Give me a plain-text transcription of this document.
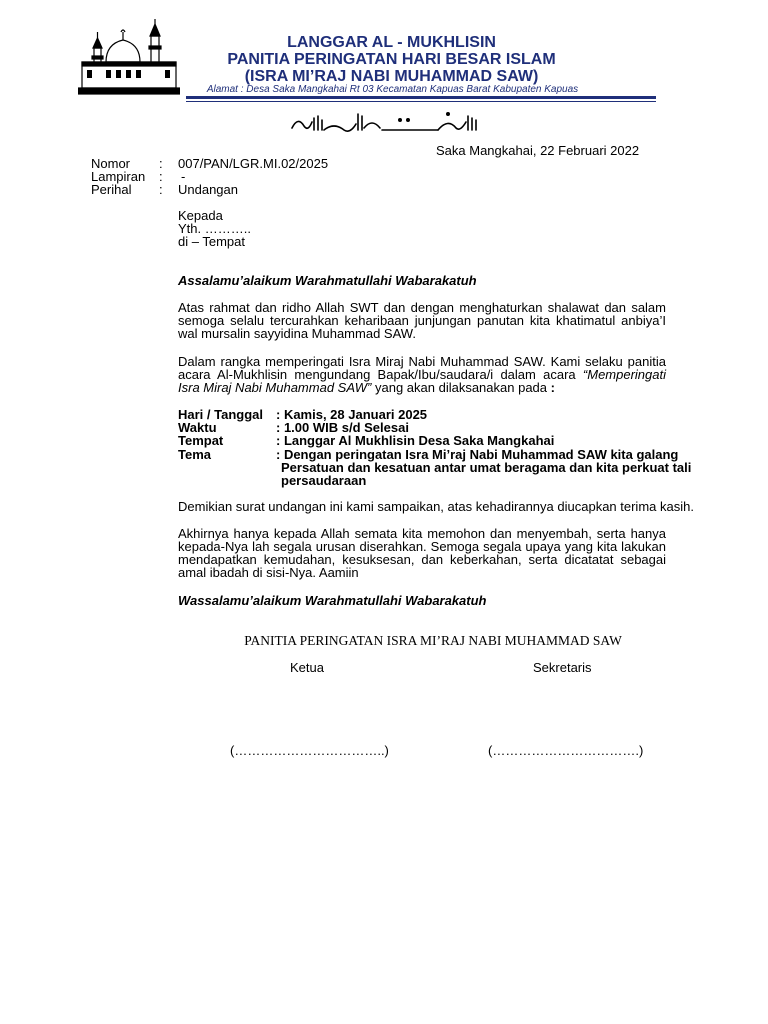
LANGGAR AL - MUKHLISIN
PANITIA PERINGATAN HARI BESAR ISLAM
(ISRA MI’RAJ NABI MUHAMMAD SAW)
Alamat : Desa Saka Mangkahai Rt 03 Kecamatan Kapuas Barat Kabupaten Kapuas
Saka Mangkahai, 22 Februari 2022
Nomor : 007/PAN/LGR.MI.02/2025
Lampiran : -
Perihal : Undangan
Kepada
Yth. ………..
di – Tempat
Assalamu’alaikum Warahmatullahi Wabarakatuh
Atas rahmat dan ridho Allah SWT dan dengan menghaturkan shalawat dan salam semoga selalu tercurahkan keharibaan junjungan panutan kita khatimatul anbiya’I wal mursalin sayyidina Muhammad SAW.
Dalam rangka memperingati Isra Miraj Nabi Muhammad SAW. Kami selaku panitia acara Al-Mukhlisin mengundang Bapak/Ibu/saudara/i dalam acara “Memperingati Isra Miraj Nabi Muhammad SAW” yang akan dilaksanakan pada :
Hari / Tanggal : Kamis, 28 Januari 2025
Waktu	: 1.00 WIB s/d Selesai
Tempat	: Langgar Al Mukhlisin Desa Saka Mangkahai
Tema	: Dengan peringatan Isra Mi’raj Nabi Muhammad SAW kita galang
Persatuan dan kesatuan antar umat beragama dan kita perkuat tali
persaudaraan
Demikian surat undangan ini kami sampaikan, atas kehadirannya diucapkan terima kasih.
Akhirnya hanya kepada Allah semata kita memohon dan menyembah, serta hanya kepada-Nya lah segala urusan diserahkan. Semoga segala upaya yang kita lakukan mendapatkan kemudahan, kesuksesan, dan keberkahan, serta dicatatat sebagai amal ibadah di sisi-Nya. Aamiin
Wassalamu’alaikum Warahmatullahi Wabarakatuh
PANITIA PERINGATAN ISRA MI’RAJ NABI MUHAMMAD SAW
Ketua	Sekretaris
(……………………………..)	(…………………………….)
